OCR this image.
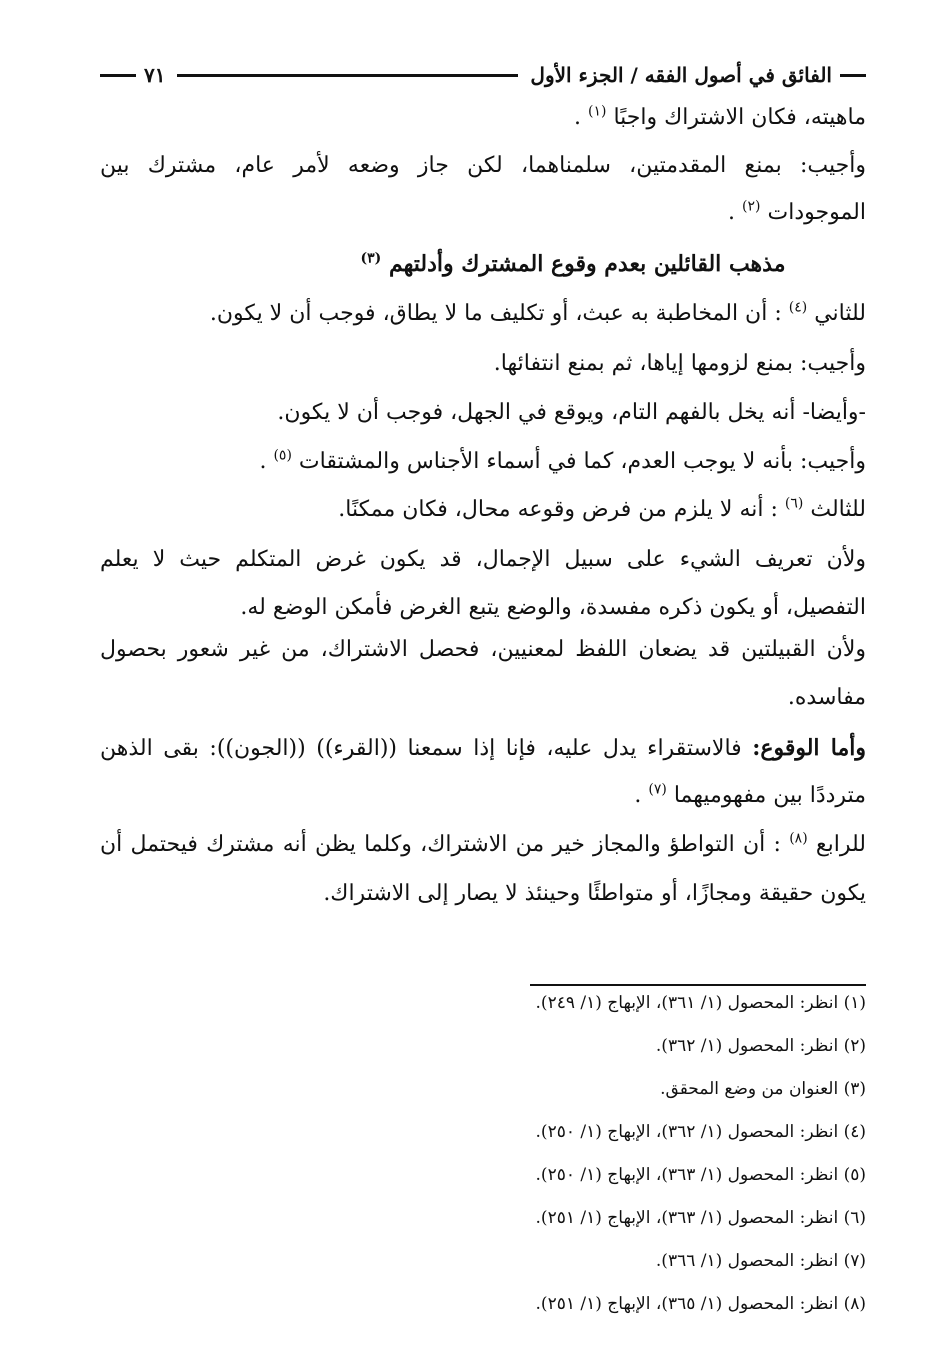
الفائق في أصول الفقه / الجزء الأول
٧١
ماهيته، فكان الاشتراك واجبًا $^{(١)}$ .
وأجيب: بمنع المقدمتين، سلمناهما، لكن جاز وضعه لأمر عام، مشترك بين
الموجودات $^{(٢)}$ .
مذهب القائلين بعدم وقوع المشترك وأدلتهم $^{(٣)}$
للثاني $^{(٤)}$ : أن المخاطبة به عبث، أو تكليف ما لا يطاق، فوجب أن لا يكون.
وأجيب: بمنع لزومها إياها، ثم بمنع انتفائها.
-وأيضا- أنه يخل بالفهم التام، ويوقع في الجهل، فوجب أن لا يكون.
وأجيب: بأنه لا يوجب العدم، كما في أسماء الأجناس والمشتقات $^{(٥)}$ .
للثالث $^{(٦)}$ : أنه لا يلزم من فرض وقوعه محال، فكان ممكنًا.
ولأن تعريف الشيء على سبيل الإجمال، قد يكون غرض المتكلم حيث لا يعلم
التفصيل، أو يكون ذكره مفسدة، والوضع يتبع الغرض فأمكن الوضع له.
ولأن القبيلتين قد يضعان اللفظ لمعنيين، فحصل الاشتراك، من غير شعور بحصول
مفاسده.
وأما الوقوع: فالاستقراء يدل عليه، فإنا إذا سمعنا ((القرء)) ((الجون)): بقى الذهن
مترددًا بين مفهوميهما $^{(٧)}$ .
للرابع $^{(٨)}$ : أن التواطؤ والمجاز خير من الاشتراك، وكلما يظن أنه مشترك فيحتمل أن
يكون حقيقة ومجازًا، أو متواطئًا وحينئذ لا يصار إلى الاشتراك.
(١) انظر: المحصول (١/ ٣٦١)، الإبهاج (١/ ٢٤٩).
(٢) انظر: المحصول (١/ ٣٦٢).
(٣) العنوان من وضع المحقق.
(٤) انظر: المحصول (١/ ٣٦٢)، الإبهاج (١/ ٢٥٠).
(٥) انظر: المحصول (١/ ٣٦٣)، الإبهاج (١/ ٢٥٠).
(٦) انظر: المحصول (١/ ٣٦٣)، الإبهاج (١/ ٢٥١).
(٧) انظر: المحصول (١/ ٣٦٦).
(٨) انظر: المحصول (١/ ٣٦٥)، الإبهاج (١/ ٢٥١).
